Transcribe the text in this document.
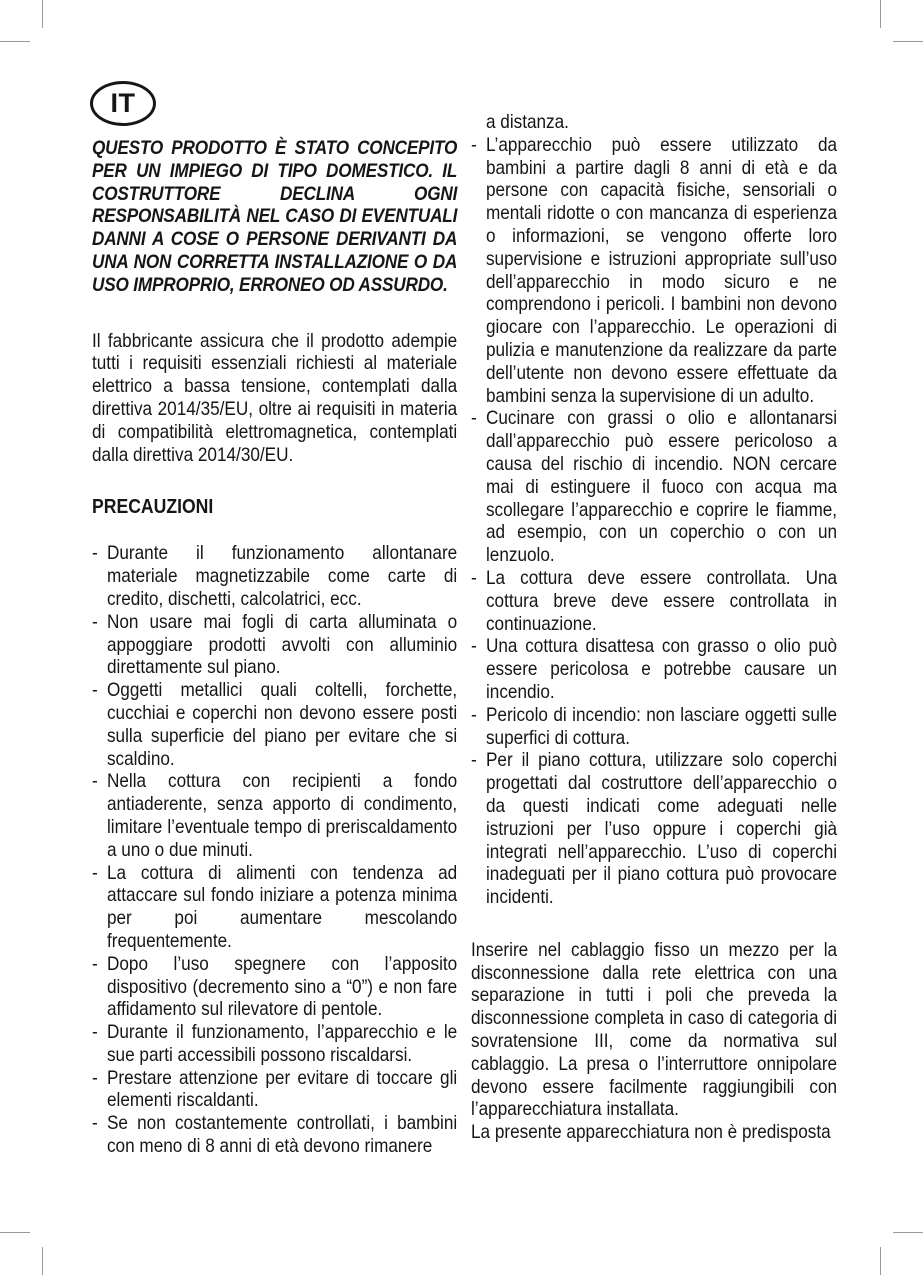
IT

QUESTO PRODOTTO È STATO CONCEPITO PER UN IMPIEGO DI TIPO DOMESTICO. IL COSTRUTTORE DECLINA OGNI RESPONSABILITÀ NEL CASO DI EVENTUALI DANNI A COSE O PERSONE DERIVANTI DA UNA NON CORRETTA INSTALLAZIONE O DA USO IMPROPRIO, ERRONEO OD ASSURDO.

Il fabbricante assicura che il prodotto adempie tutti i requisiti essenziali richiesti al materiale elettrico a bassa tensione, contemplati dalla direttiva 2014/35/EU, oltre ai requisiti in materia di compatibilità elettromagnetica, contemplati dalla direttiva 2014/30/EU.

PRECAUZIONI

- Durante il funzionamento allontanare materiale magnetizzabile come carte di credito, dischetti, calcolatrici, ecc.
- Non usare mai fogli di carta alluminata o appoggiare prodotti avvolti con alluminio direttamente sul piano.
- Oggetti metallici quali coltelli, forchette, cucchiai e coperchi non devono essere posti sulla superficie del piano per evitare che si scaldino.
- Nella cottura con recipienti a fondo antiaderente, senza apporto di condimento, limitare l’eventuale tempo di preriscaldamento a uno o due minuti.
- La cottura di alimenti con tendenza ad attaccare sul fondo iniziare a potenza minima per poi aumentare mescolando frequentemente.
- Dopo l’uso spegnere con l’apposito dispositivo (decremento sino a “0”) e non fare affidamento sul rilevatore di pentole.
- Durante il funzionamento, l’apparecchio e le sue parti accessibili possono riscaldarsi.
- Prestare attenzione per evitare di toccare gli elementi riscaldanti.
- Se non costantemente controllati, i bambini con meno di 8 anni di età devono rimanere

a distanza.

- L’apparecchio può essere utilizzato da bambini a partire dagli 8 anni di età e da persone con capacità fisiche, sensoriali o mentali ridotte o con mancanza di esperienza o informazioni, se vengono offerte loro supervisione e istruzioni appropriate sull’uso dell’apparecchio in modo sicuro e ne comprendono i pericoli. I bambini non devono giocare con l’apparecchio. Le operazioni di pulizia e manutenzione da realizzare da parte dell’utente non devono essere effettuate da bambini senza la supervisione di un adulto.
- Cucinare con grassi o olio e allontanarsi dall’apparecchio può essere pericoloso a causa del rischio di incendio. NON cercare mai di estinguere il fuoco con acqua ma scollegare l’apparecchio e coprire le fiamme, ad esempio, con un coperchio o con un lenzuolo.
- La cottura deve essere controllata. Una cottura breve deve essere controllata in continuazione.
- Una cottura disattesa con grasso o olio può essere pericolosa e potrebbe causare un incendio.
- Pericolo di incendio: non lasciare oggetti sulle superfici di cottura.
- Per il piano cottura, utilizzare solo coperchi progettati dal costruttore dell’apparecchio o da questi indicati come adeguati nelle istruzioni per l’uso oppure i coperchi già integrati nell’apparecchio. L’uso di coperchi inadeguati per il piano cottura può provocare incidenti.

Inserire nel cablaggio fisso un mezzo per la disconnessione dalla rete elettrica con una separazione in tutti i poli che preveda la disconnessione completa in caso di categoria di sovratensione III, come da normativa sul cablaggio. La presa o l’interruttore onnipolare devono essere facilmente raggiungibili con l’apparecchiatura installata.

La presente apparecchiatura non è predisposta
